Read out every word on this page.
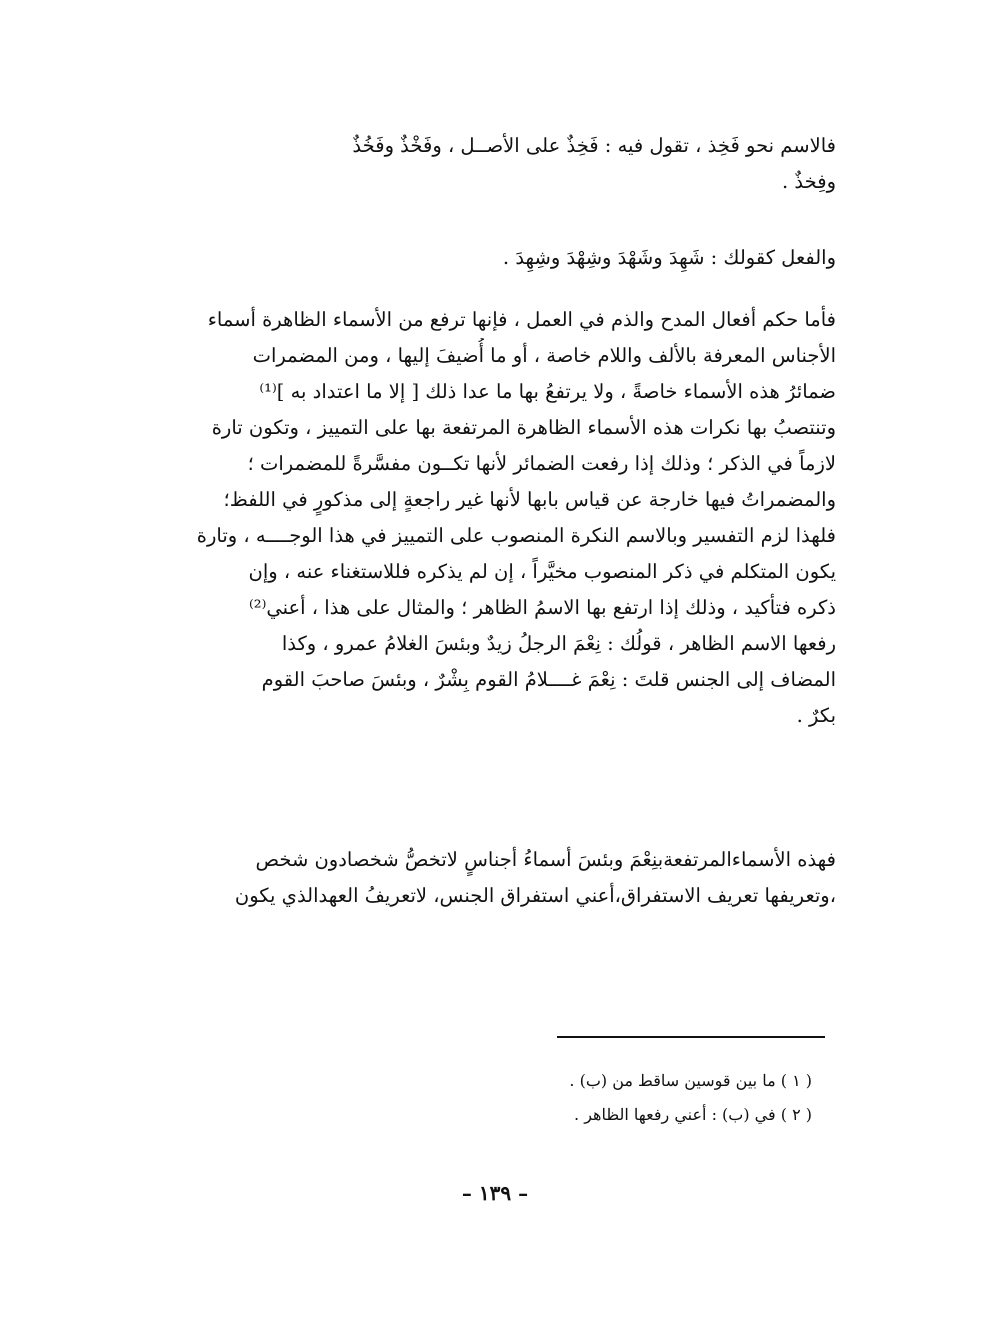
فالاسم نحو فَخِذ ، تقول فيه : فَخِذٌ على الأصــل ، وفَخْذٌ وفَخُذٌ
وفِخذٌ .
والفعل كقولك : شَهِدَ وشَهْدَ وشِهْدَ وشِهِدَ .
فأما حكم أفعال المدح والذم في العمل ، فإنها ترفع من الأسماء الظاهرة أسماء
الأجناس المعرفة بالألف واللام خاصة ، أو ما أُضيفَ إليها ، ومن المضمرات
ضمائرُ هذه الأسماء خاصةً ، ولا يرتفعُ بها ما عدا ذلك [ إلا ما اعتداد به ]⁽¹⁾
وتنتصبُ بها نكرات هذه الأسماء الظاهرة المرتفعة بها على التمييز ، وتكون تارة
لازماً في الذكر ؛ وذلك إذا رفعت الضمائر لأنها تكــون مفسَّرةً للمضمرات ؛
والمضمراتُ فيها خارجة عن قياس بابها لأنها غير راجعةٍ إلى مذكورٍ في اللفظ؛
فلهذا لزم التفسير وبالاسم النكرة المنصوب على التمييز في هذا الوجــــه ، وتارة
يكون المتكلم في ذكر المنصوب مخيَّراً ، إن لم يذكره فللاستغناء عنه ، وإن
ذكره فتأكيد ، وذلك إذا ارتفع بها الاسمُ الظاهر ؛ والمثال على هذا ، أعني⁽²⁾
رفعها الاسم الظاهر ، قولُك : نِعْمَ الرجلُ زيدٌ وبئسَ الغلامُ عمرو ، وكذا
المضاف إلى الجنس قلتَ : نِعْمَ غــــلامُ القوم بِشْرٌ ، وبئسَ صاحبَ القوم
بكرٌ .
فهذه الأسماءالمرتفعةبنِعْمَ وبئسَ أسماءُ أجناسٍ لاتخصُّ شخصادون شخص
،وتعريفها تعريف الاستفراق،أعني استفراق الجنس، لاتعريفُ العهدالذي يكون
( ١ ) ما بين قوسين ساقط من (ب) .
( ٢ ) في (ب) : أعني رفعها الظاهر .
– ١٣٩ –
